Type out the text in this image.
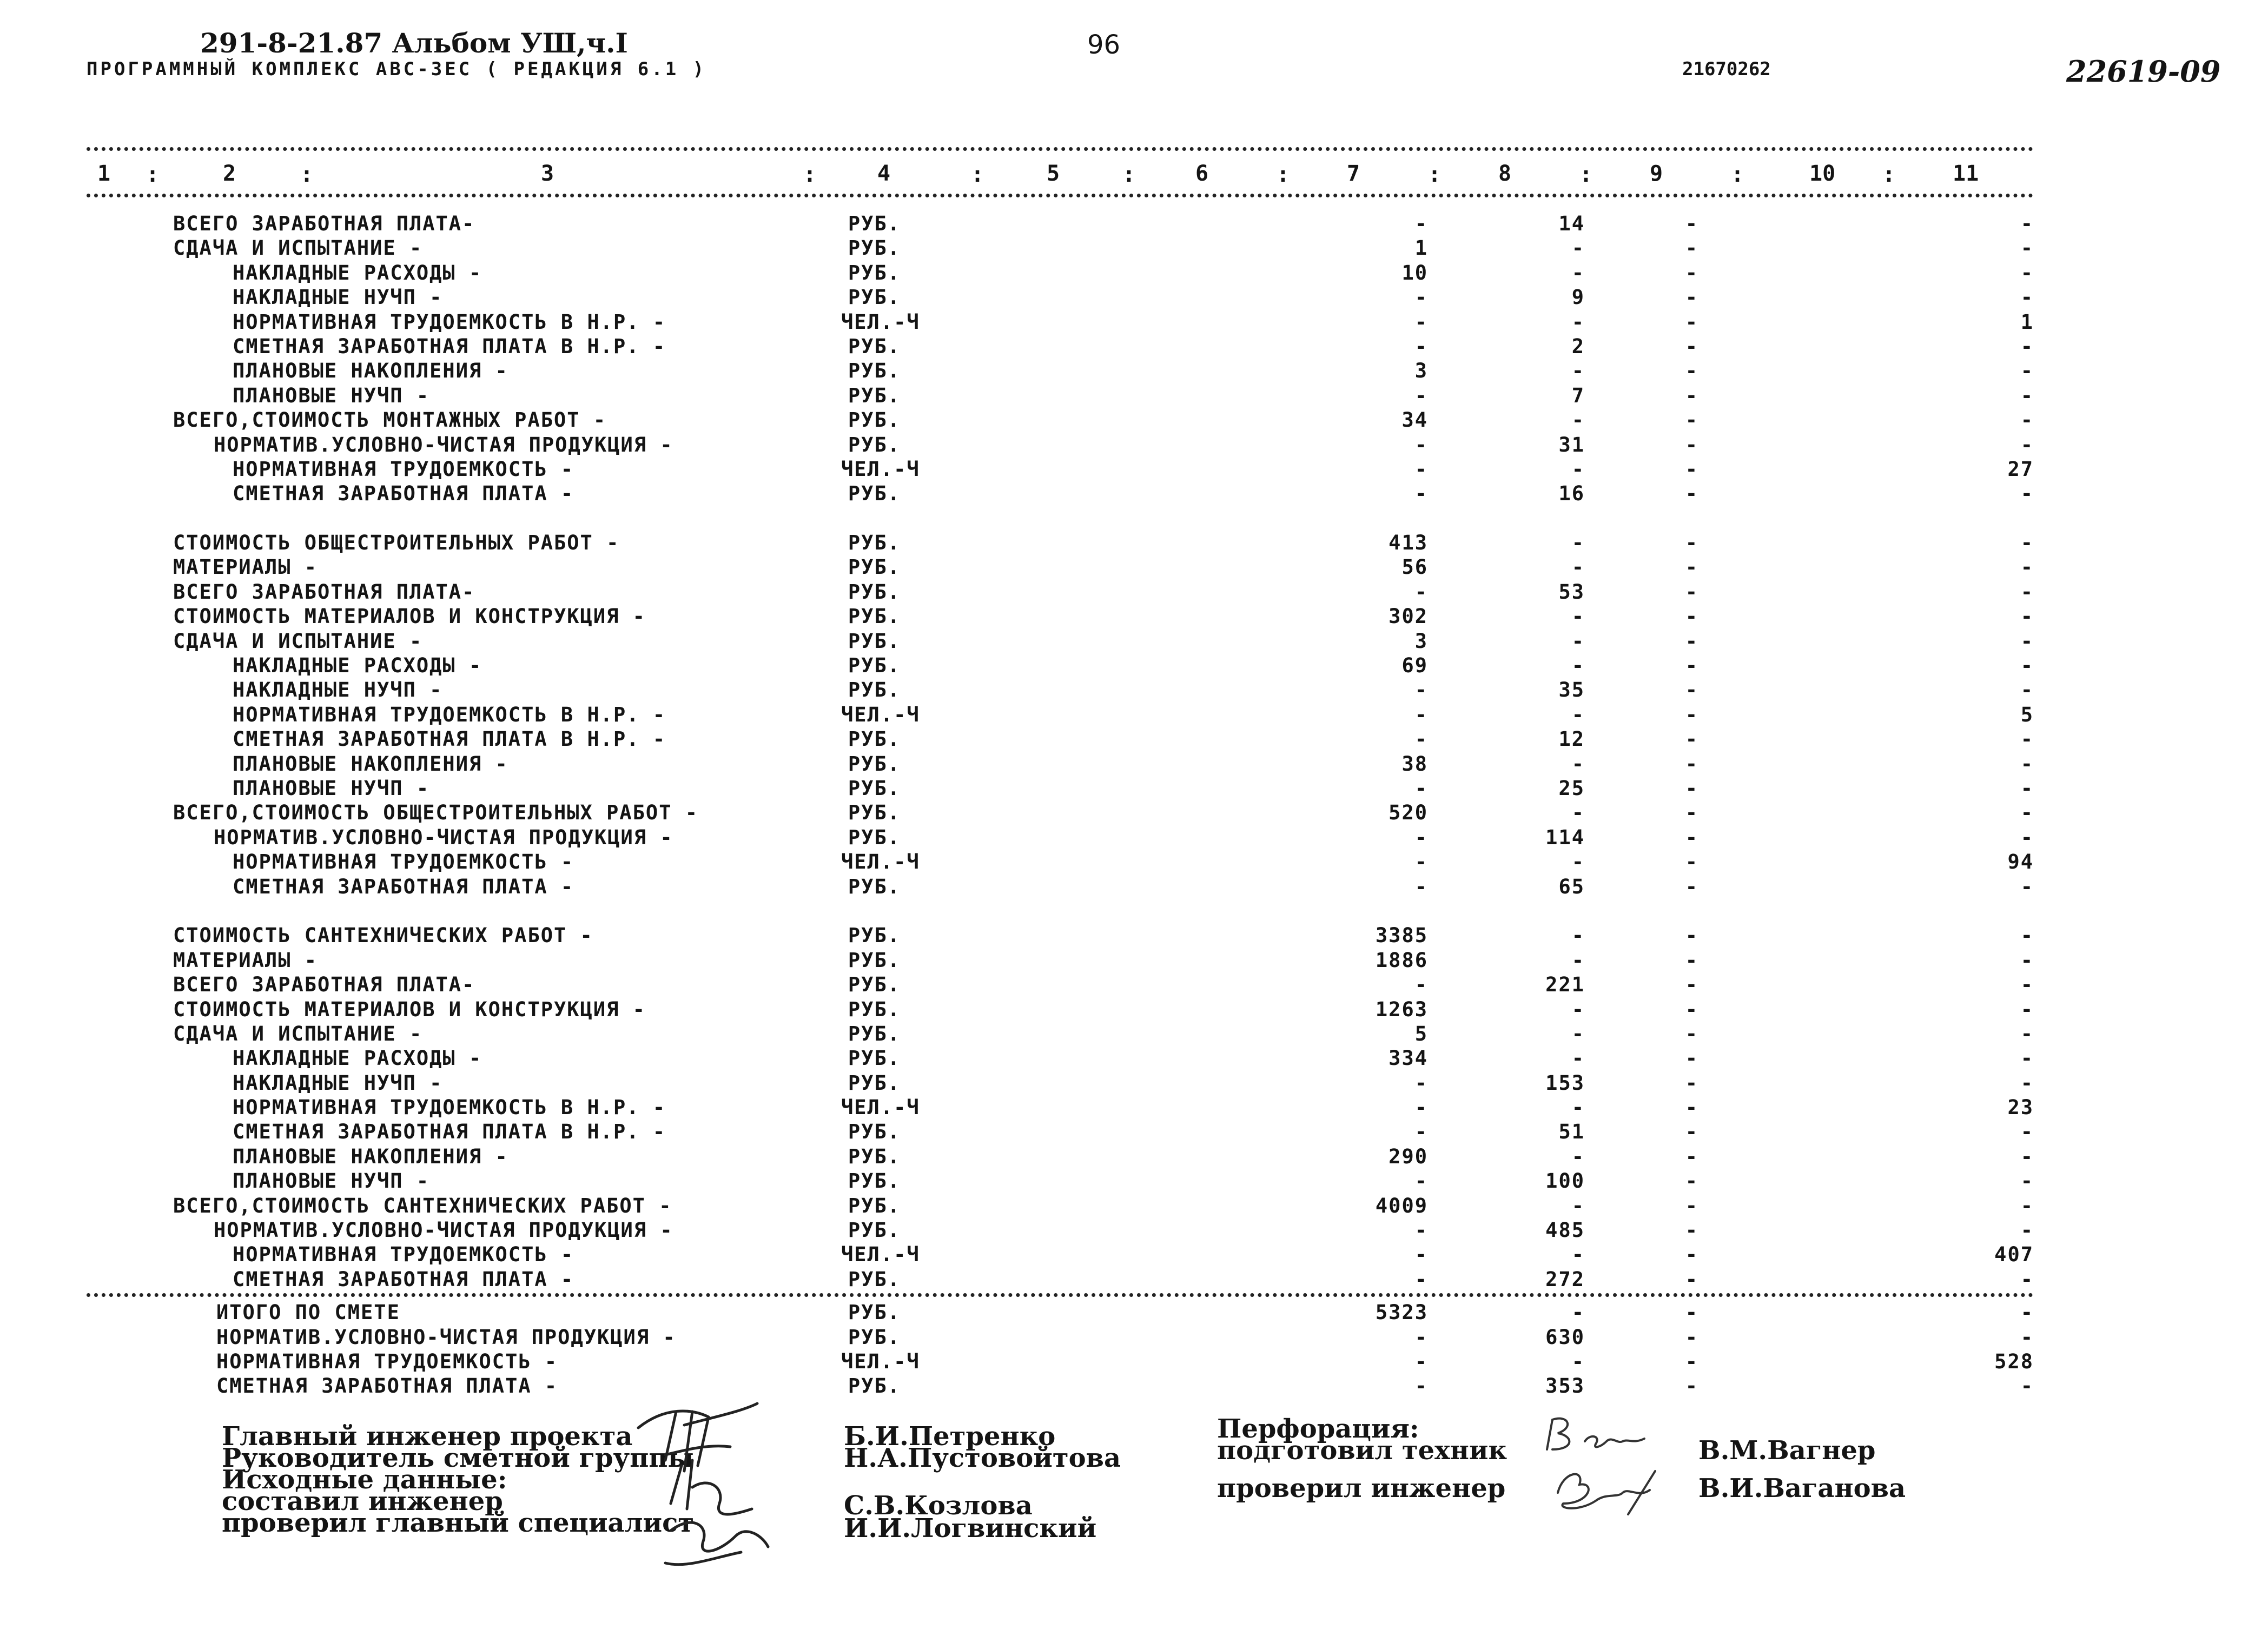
291-8-21.87 Альбом УШ,ч.I
ПРОГРАММНЫЙ КОМПЛЕКС АВС-ЗЕС ( РЕДАКЦИЯ 6.1 )
96
21670262	22619-09
1	2	3	4	5	6	7	8	9	10	11
:	:	:	:	:	:	:	:	:	:
ВСЕГО ЗАРАБОТНАЯ ПЛАТА-	РУБ.	-	14	-	-
СДАЧА И ИСПЫТАНИЕ -	РУБ.	1	-	-	-
НАКЛАДНЫЕ РАСХОДЫ -	РУБ.	10	-	-	-
НАКЛАДНЫЕ НУЧП -	РУБ.	-	9	-	-
НОРМАТИВНАЯ ТРУДОЕМКОСТЬ В Н.Р. -	ЧЕЛ.-Ч	-	-	-	1
СМЕТНАЯ ЗАРАБОТНАЯ ПЛАТА В Н.Р. -	РУБ.	-	2	-	-
ПЛАНОВЫЕ НАКОПЛЕНИЯ -	РУБ.	3	-	-	-
ПЛАНОВЫЕ НУЧП -	РУБ.	-	7	-	-
ВСЕГО,СТОИМОСТЬ МОНТАЖНЫХ РАБОТ -	РУБ.	34	-	-	-
НОРМАТИВ.УСЛОВНО-ЧИСТАЯ ПРОДУКЦИЯ -	РУБ.	-	31	-	-
НОРМАТИВНАЯ ТРУДОЕМКОСТЬ -	ЧЕЛ.-Ч	-	-	-	27
СМЕТНАЯ ЗАРАБОТНАЯ ПЛАТА -	РУБ.	-	16	-	-
СТОИМОСТЬ ОБЩЕСТРОИТЕЛЬНЫХ РАБОТ -	РУБ.	413	-	-	-
МАТЕРИАЛЫ -	РУБ.	56	-	-	-
ВСЕГО ЗАРАБОТНАЯ ПЛАТА-	РУБ.	-	53	-	-
СТОИМОСТЬ МАТЕРИАЛОВ И КОНСТРУКЦИЯ -	РУБ.	302	-	-	-
СДАЧА И ИСПЫТАНИЕ -	РУБ.	3	-	-	-
НАКЛАДНЫЕ РАСХОДЫ -	РУБ.	69	-	-	-
НАКЛАДНЫЕ НУЧП -	РУБ.	-	35	-	-
НОРМАТИВНАЯ ТРУДОЕМКОСТЬ В Н.Р. -	ЧЕЛ.-Ч	-	-	-	5
СМЕТНАЯ ЗАРАБОТНАЯ ПЛАТА В Н.Р. -	РУБ.	-	12	-	-
ПЛАНОВЫЕ НАКОПЛЕНИЯ -	РУБ.	38	-	-	-
ПЛАНОВЫЕ НУЧП -	РУБ.	-	25	-	-
ВСЕГО,СТОИМОСТЬ ОБЩЕСТРОИТЕЛЬНЫХ РАБОТ -	РУБ.	520	-	-	-
НОРМАТИВ.УСЛОВНО-ЧИСТАЯ ПРОДУКЦИЯ -	РУБ.	-	114	-	-
НОРМАТИВНАЯ ТРУДОЕМКОСТЬ -	ЧЕЛ.-Ч	-	-	-	94
СМЕТНАЯ ЗАРАБОТНАЯ ПЛАТА -	РУБ.	-	65	-	-
СТОИМОСТЬ САНТЕХНИЧЕСКИХ РАБОТ -	РУБ.	3385	-	-	-
МАТЕРИАЛЫ -	РУБ.	1886	-	-	-
ВСЕГО ЗАРАБОТНАЯ ПЛАТА-	РУБ.	-	221	-	-
СТОИМОСТЬ МАТЕРИАЛОВ И КОНСТРУКЦИЯ -	РУБ.	1263	-	-	-
СДАЧА И ИСПЫТАНИЕ -	РУБ.	5	-	-	-
НАКЛАДНЫЕ РАСХОДЫ -	РУБ.	334	-	-	-
НАКЛАДНЫЕ НУЧП -	РУБ.	-	153	-	-
НОРМАТИВНАЯ ТРУДОЕМКОСТЬ В Н.Р. -	ЧЕЛ.-Ч	-	-	-	23
СМЕТНАЯ ЗАРАБОТНАЯ ПЛАТА В Н.Р. -	РУБ.	-	51	-	-
ПЛАНОВЫЕ НАКОПЛЕНИЯ -	РУБ.	290	-	-	-
ПЛАНОВЫЕ НУЧП -	РУБ.	-	100	-	-
ВСЕГО,СТОИМОСТЬ САНТЕХНИЧЕСКИХ РАБОТ -	РУБ.	4009	-	-	-
НОРМАТИВ.УСЛОВНО-ЧИСТАЯ ПРОДУКЦИЯ -	РУБ.	-	485	-	-
НОРМАТИВНАЯ ТРУДОЕМКОСТЬ -	ЧЕЛ.-Ч	-	-	-	407
СМЕТНАЯ ЗАРАБОТНАЯ ПЛАТА -	РУБ.	-	272	-	-
ИТОГО ПО СМЕТЕ	РУБ.	5323	-	-	-
НОРМАТИВ.УСЛОВНО-ЧИСТАЯ ПРОДУКЦИЯ -	РУБ.	-	630	-	-
НОРМАТИВНАЯ ТРУДОЕМКОСТЬ -	ЧЕЛ.-Ч	-	-	-	528
СМЕТНАЯ ЗАРАБОТНАЯ ПЛАТА -	РУБ.	-	353	-	-
Главный инженер проекта
Руководитель сметной группы
Исходные данные:
составил инженер
проверил главный специалист
Б.И.Петренко
Н.А.Пустовойтова
С.В.Козлова
И.И.Логвинский
Перфорация:
подготовил техник
проверил инженер
В.М.Вагнер
В.И.Ваганова
